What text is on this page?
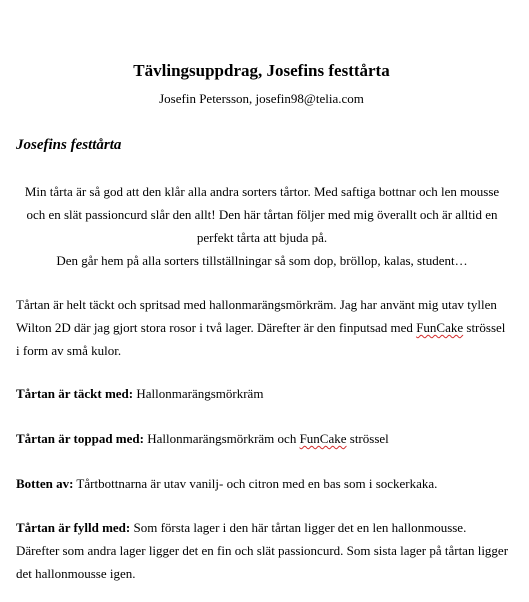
Tävlingsuppdrag, Josefins festtårta
Josefin Petersson, josefin98@telia.com
Josefins festtårta

Min tårta är så god att den klår alla andra sorters tårtor. Med saftiga bottnar och len mousse och en slät passioncurd slår den allt! Den här tårtan följer med mig överallt och är alltid en perfekt tårta att bjuda på.

Den går hem på alla sorters tillställningar så som dop, bröllop, kalas, student…

Tårtan är helt täckt och spritsad med hallonmarängsmörkräm. Jag har använt mig utav tyllen Wilton 2D där jag gjort stora rosor i två lager. Därefter är den finputsad med FunCake strössel i form av små kulor.

Tårtan är täckt med: Hallonmarängsmörkräm

Tårtan är toppad med: Hallonmarängsmörkräm och FunCake strössel

Botten av: Tårtbottnarna är utav vanilj- och citron med en bas som i sockerkaka.

Tårtan är fylld med: Som första lager i den här tårtan ligger det en len hallonmousse. Därefter som andra lager ligger det en fin och slät passioncurd. Som sista lager på tårtan ligger det hallonmousse igen.
